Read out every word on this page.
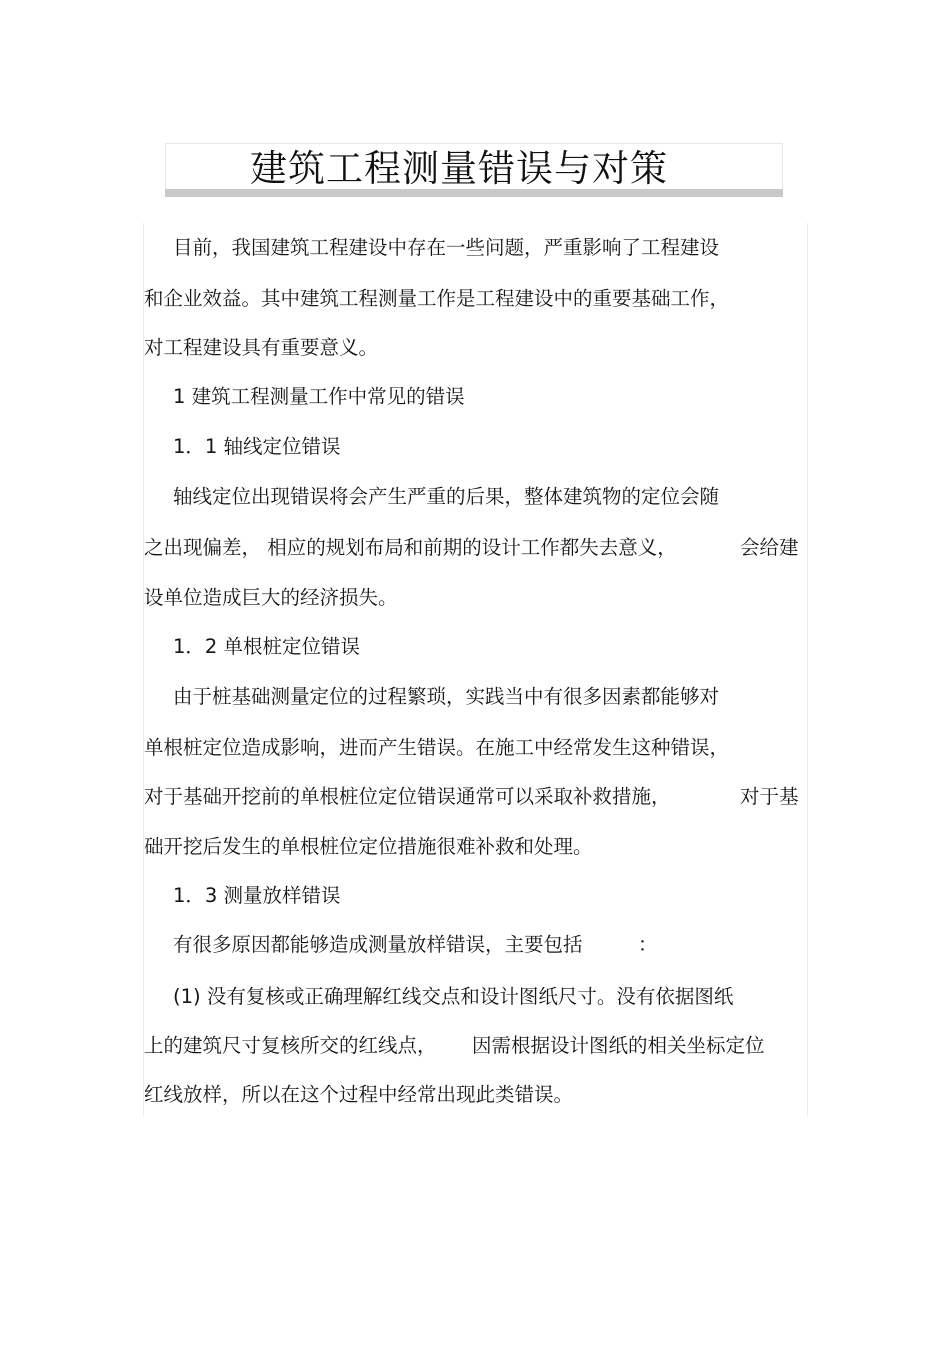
建筑工程测量错误与对策
目前，我国建筑工程建设中存在一些问题，严重影响了工程建设
和企业效益。其中建筑工程测量工作是工程建设中的重要基础工作，
对工程建设具有重要意义。
1 建筑工程测量工作中常见的错误
1．1 轴线定位错误
轴线定位出现错误将会产生严重的后果，整体建筑物的定位会随
之出现偏差， 相应的规划布局和前期的设计工作都失去意义，	会给建
设单位造成巨大的经济损失。
1．2 单根桩定位错误
由于桩基础测量定位的过程繁琐，实践当中有很多因素都能够对
单根桩定位造成影响，进而产生错误。在施工中经常发生这种错误，
对于基础开挖前的单根桩位定位错误通常可以采取补救措施，	对于基
础开挖后发生的单根桩位定位措施很难补救和处理。
1．3 测量放样错误
有很多原因都能够造成测量放样错误，主要包括	：
(1) 没有复核或正确理解红线交点和设计图纸尺寸。没有依据图纸
上的建筑尺寸复核所交的红线点， 因需根据设计图纸的相关坐标定位
红线放样，所以在这个过程中经常出现此类错误。
